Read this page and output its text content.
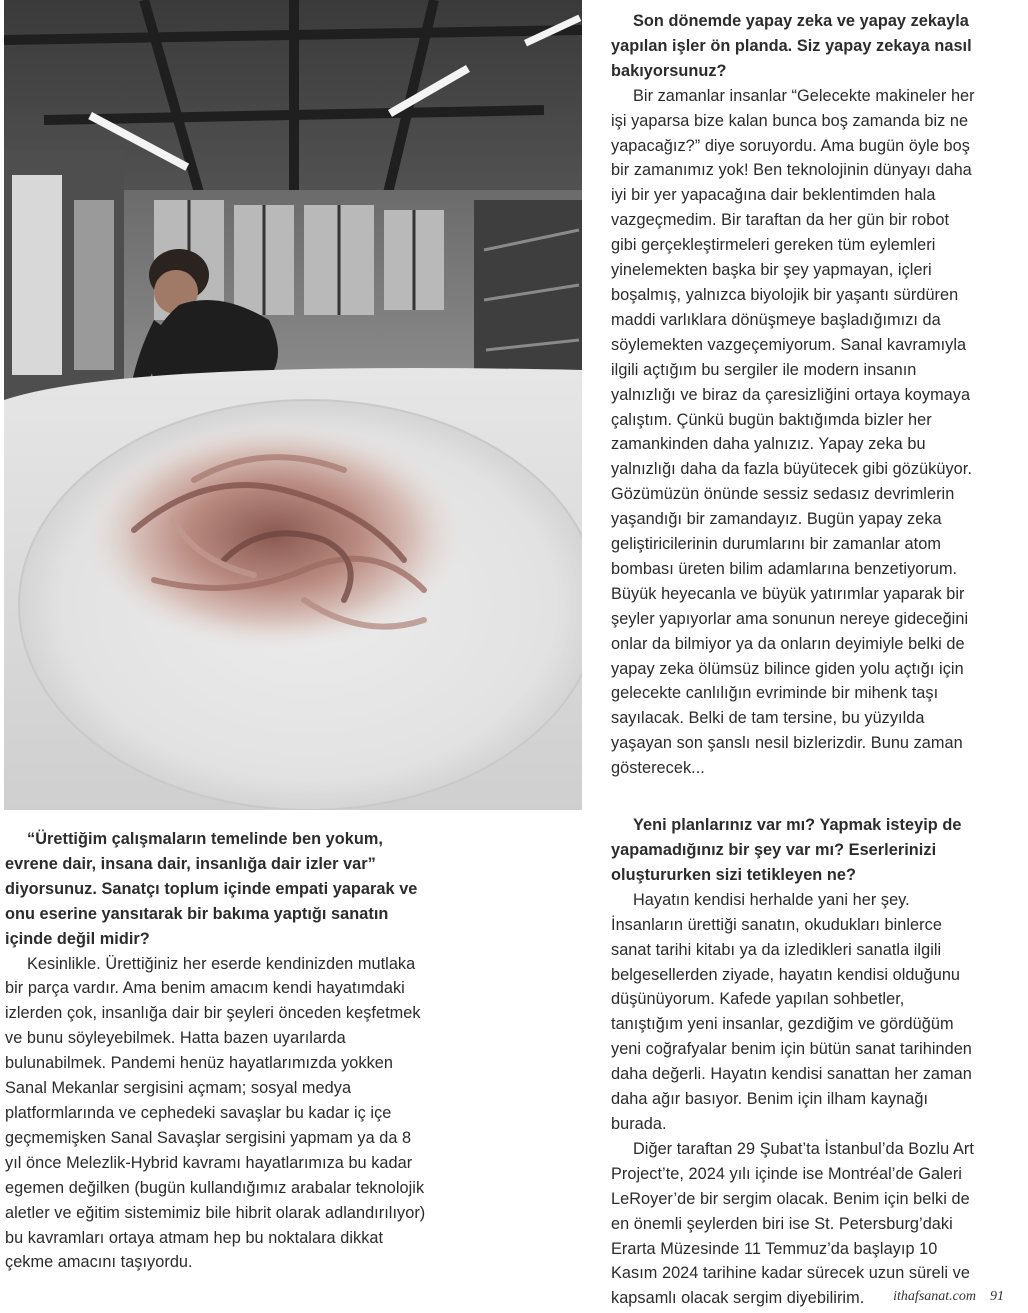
“Ürettiğim çalışmaların temelinde ben yokum, evrene dair, insana dair, insanlığa dair izler var” diyorsunuz. Sanatçı toplum içinde empati yaparak ve onu eserine yansıtarak bir bakıma yaptığı sanatın içinde değil midir?

Kesinlikle. Ürettiğiniz her eserde kendinizden mutlaka bir parça vardır. Ama benim amacım kendi hayatımdaki izlerden çok, insanlığa dair bir şeyleri önceden keşfetmek ve bunu söyleyebilmek. Hatta bazen uyarılarda bulunabilmek. Pandemi henüz hayatlarımızda yokken Sanal Mekanlar sergisini açmam; sosyal medya platformlarında ve cephedeki savaşlar bu kadar iç içe geçmemişken Sanal Savaşlar sergisini yapmam ya da 8 yıl önce Melezlik-Hybrid kavramı hayatlarımıza bu kadar egemen değilken (bugün kullandığımız arabalar teknolojik aletler ve eğitim sistemimiz bile hibrit olarak adlandırılıyor) bu kavramları ortaya atmam hep bu noktalara dikkat çekme amacını taşıyordu.

Son dönemde yapay zeka ve yapay zekayla yapılan işler ön planda. Siz yapay zekaya nasıl bakıyorsunuz?

Bir zamanlar insanlar “Gelecekte makineler her işi yaparsa bize kalan bunca boş zamanda biz ne yapacağız?” diye soruyordu. Ama bugün öyle boş bir zamanımız yok! Ben teknolojinin dünyayı daha iyi bir yer yapacağına dair beklentimden hala vazgeçmedim. Bir taraftan da her gün bir robot gibi gerçekleştirmeleri gereken tüm eylemleri yinelemekten başka bir şey yapmayan, içleri boşalmış, yalnızca biyolojik bir yaşantı sürdüren maddi varlıklara dönüşmeye başladığımızı da söylemekten vazgeçemiyorum. Sanal kavramıyla ilgili açtığım bu sergiler ile modern insanın yalnızlığı ve biraz da çaresizliğini ortaya koymaya çalıştım. Çünkü bugün baktığımda bizler her zamankinden daha yalnızız. Yapay zeka bu yalnızlığı daha da fazla büyütecek gibi gözüküyor. Gözümüzün önünde sessiz sedasız devrimlerin yaşandığı bir zamandayız. Bugün yapay zeka geliştiricilerinin durumlarını bir zamanlar atom bombası üreten bilim adamlarına benzetiyorum. Büyük heyecanla ve büyük yatırımlar yaparak bir şeyler yapıyorlar ama sonunun nereye gideceğini onlar da bilmiyor ya da onların deyimiyle belki de yapay zeka ölümsüz bilince giden yolu açtığı için gelecekte canlılığın evriminde bir mihenk taşı sayılacak. Belki de tam tersine, bu yüzyılda yaşayan son şanslı nesil bizlerizdir. Bunu zaman gösterecek...

Yeni planlarınız var mı? Yapmak isteyip de yapamadığınız bir şey var mı? Eserlerinizi oluştururken sizi tetikleyen ne?

Hayatın kendisi herhalde yani her şey. İnsanların ürettiği sanatın, okudukları binlerce sanat tarihi kitabı ya da izledikleri sanatla ilgili belgesellerden ziyade, hayatın kendisi olduğunu düşünüyorum. Kafede yapılan sohbetler, tanıştığım yeni insanlar, gezdiğim ve gördüğüm yeni coğrafyalar benim için bütün sanat tarihinden daha değerli. Hayatın kendisi sanattan her zaman daha ağır basıyor. Benim için ilham kaynağı burada.

Diğer taraftan 29 Şubat’ta İstanbul’da Bozlu Art Project’te, 2024 yılı içinde ise Montréal’de Galeri LeRoyer’de bir sergim olacak. Benim için belki de en önemli şeylerden biri ise St. Petersburg’daki Erarta Müzesinde 11 Temmuz’da başlayıp 10 Kasım 2024 tarihine kadar sürecek uzun süreli ve kapsamlı olacak sergim diyebilirim.	ithafsanat.com 91
